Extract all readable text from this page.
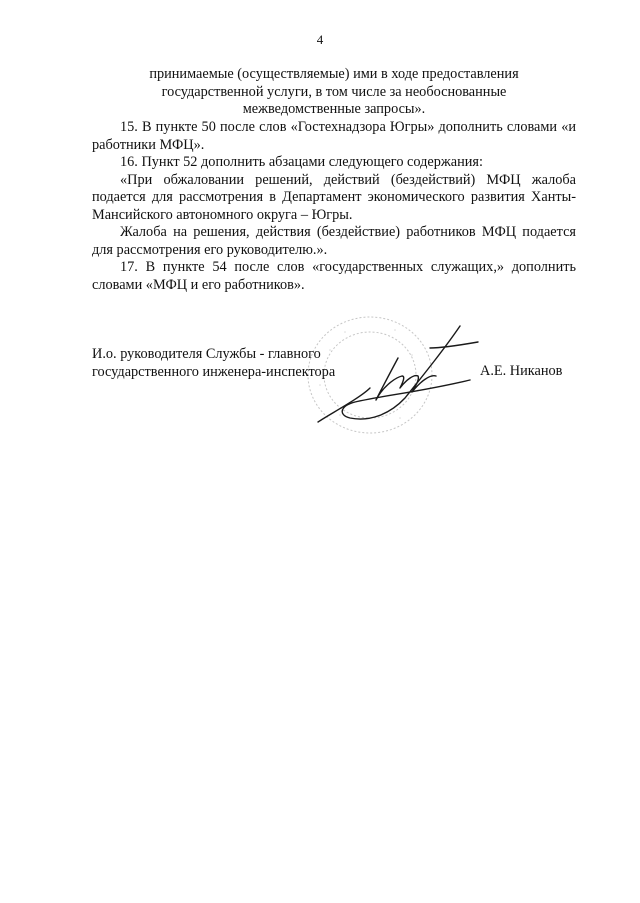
4

принимаемые (осуществляемые) ими в ходе предоставления

государственной услуги, в том числе за необоснованные

межведомственные запросы».

15. В пункте 50 после слов «Гостехнадзора Югры» дополнить словами «и работники МФЦ».

16. Пункт 52 дополнить абзацами следующего содержания:

«При обжаловании решений, действий (бездействий) МФЦ жалоба подается для рассмотрения в Департамент экономического развития Ханты-Мансийского автономного округа – Югры.

Жалоба на решения, действия (бездействие) работников МФЦ подается для рассмотрения его руководителю.».

17. В пункте 54 после слов «государственных служащих,» дополнить словами «МФЦ и его работников».

И.о. руководителя Службы - главного

государственного инженера-инспектора	А.Е. Никанов
